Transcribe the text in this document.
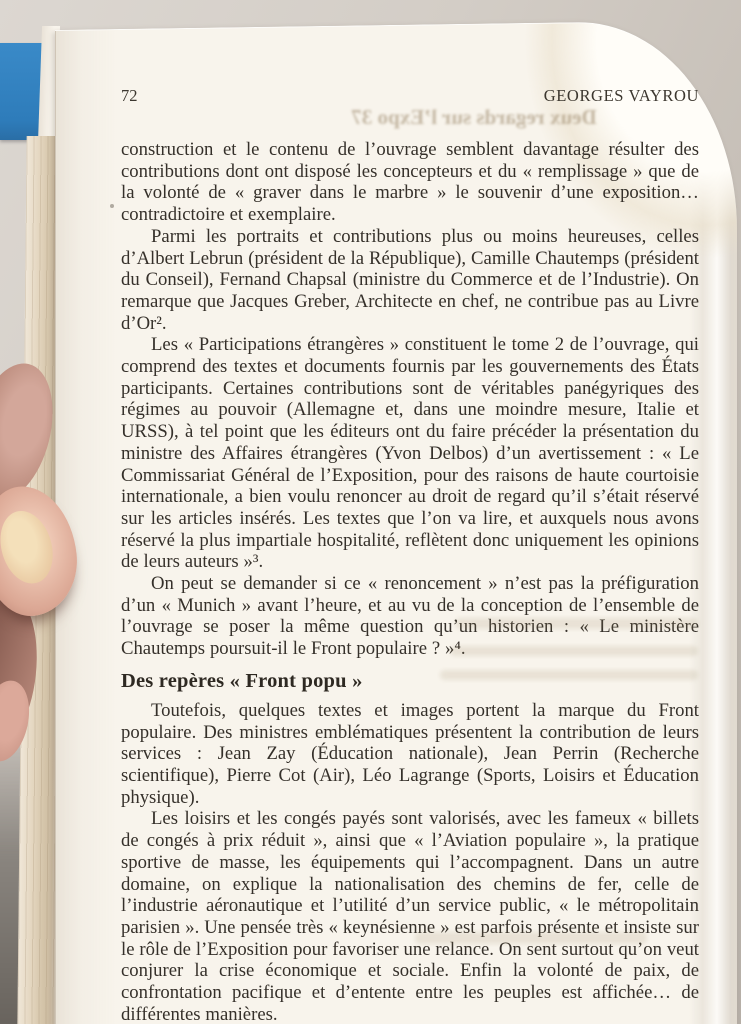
72	GEORGES VAYROU

construction et le contenu de l’ouvrage semblent davantage résulter des contributions dont ont disposé les concepteurs et du « remplissage » que de la volonté de « graver dans le marbre » le souvenir d’une exposition… contradictoire et exemplaire.

Parmi les portraits et contributions plus ou moins heureuses, celles d’Albert Lebrun (président de la République), Camille Chautemps (président du Conseil), Fernand Chapsal (ministre du Commerce et de l’Industrie). On remarque que Jacques Greber, Architecte en chef, ne contribue pas au Livre d’Or².

Les « Participations étrangères » constituent le tome 2 de l’ouvrage, qui comprend des textes et documents fournis par les gouvernements des États participants. Certaines contributions sont de véritables panégyriques des régimes au pouvoir (Allemagne et, dans une moindre mesure, Italie et URSS), à tel point que les éditeurs ont du faire précéder la présentation du ministre des Affaires étrangères (Yvon Delbos) d’un avertissement : « Le Commissariat Général de l’Exposition, pour des raisons de haute courtoisie internationale, a bien voulu renoncer au droit de regard qu’il s’était réservé sur les articles insérés. Les textes que l’on va lire, et auxquels nous avons réservé la plus impartiale hospitalité, reflètent donc uniquement les opinions de leurs auteurs »³.

On peut se demander si ce « renoncement » n’est pas la préfiguration d’un « Munich » avant l’heure, et au vu de la conception de l’ensemble de l’ouvrage se poser la même question qu’un historien : « Le ministère Chautemps poursuit-il le Front populaire ? »⁴.

Des repères « Front popu »

Toutefois, quelques textes et images portent la marque du Front populaire. Des ministres emblématiques présentent la contribution de leurs services : Jean Zay (Éducation nationale), Jean Perrin (Recherche scientifique), Pierre Cot (Air), Léo Lagrange (Sports, Loisirs et Éducation physique).

Les loisirs et les congés payés sont valorisés, avec les fameux « billets de congés à prix réduit », ainsi que « l’Aviation populaire », la pratique sportive de masse, les équipements qui l’accompagnent. Dans un autre domaine, on explique la nationalisation des chemins de fer, celle de l’industrie aéronautique et l’utilité d’un service public, « le métropolitain parisien ». Une pensée très « keynésienne » est parfois présente et insiste sur le rôle de l’Exposition pour favoriser une relance. On sent surtout qu’on veut conjurer la crise économique et sociale. Enfin la volonté de paix, de confrontation pacifique et d’entente entre les peuples est affichée… de différentes manières.

Deux regards sur l’Expo 37
